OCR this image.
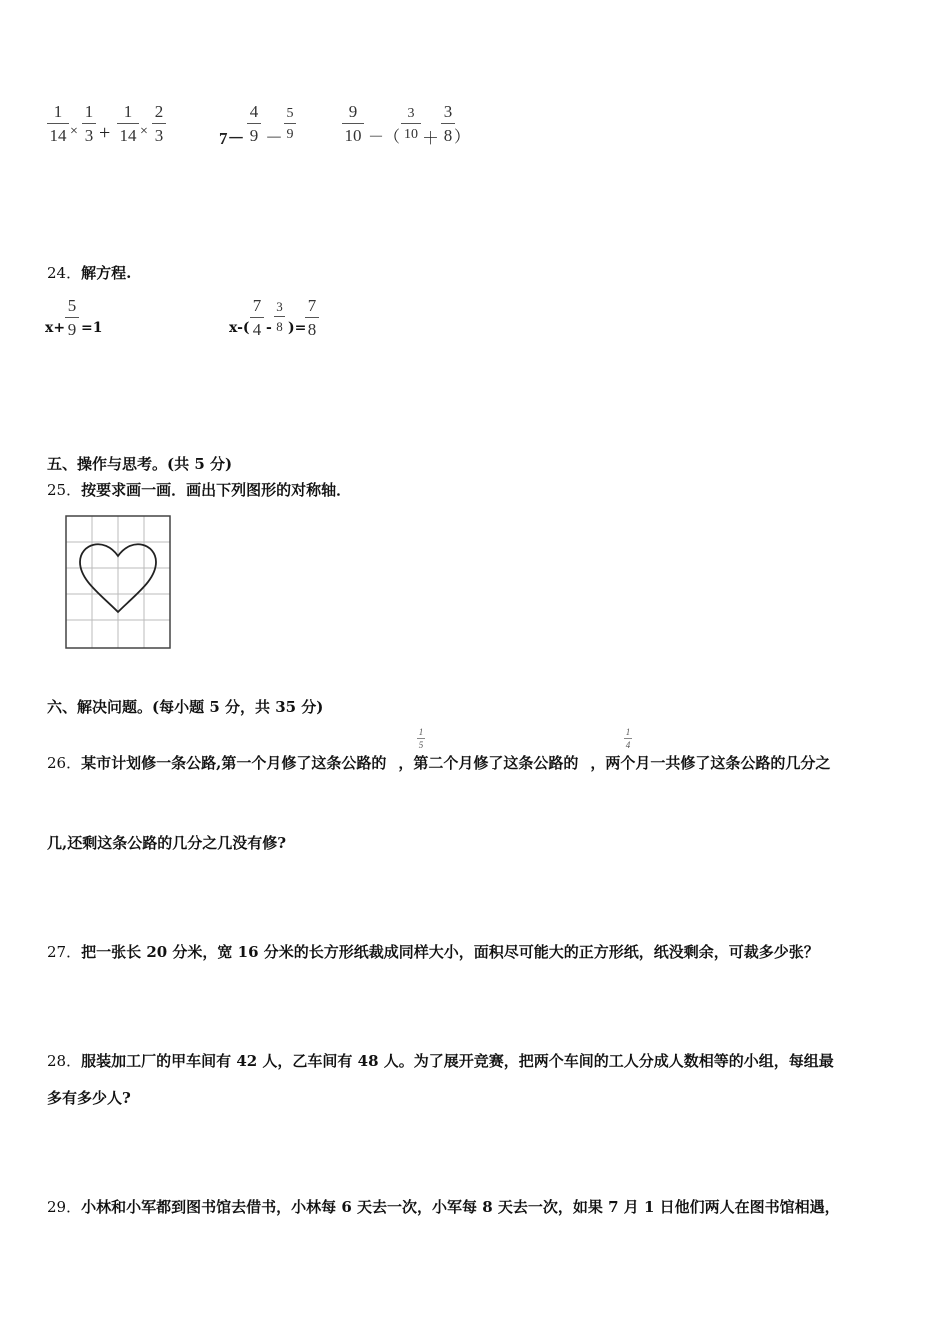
1
14 ×
1
3 +
1
14 ×
2
3	7－
4
9 －
5
9
9
10 －（
3
10 ＋
3
8 ）
24．解方程.
x+
5
9 =1	x-(
7
4 -
3
8 )=
7
8
五、操作与思考。(共 5 分)
25．按要求画一画．画出下列图形的对称轴．
六、解决问题。(每小题 5 分，共 35 分)
26．某市计划修一条公路,第一个月修了这条公路的 ，第二个月修了这条公路的 ，两个月一共修了这条公路的几分之
1
5
1
4
几,还剩这条公路的几分之几没有修?
27．把一张长 20 分米，宽 16 分米的长方形纸裁成同样大小，面积尽可能大的正方形纸，纸没剩余，可裁多少张？
28．服装加工厂的甲车间有 42 人，乙车间有 48 人。为了展开竞赛，把两个车间的工人分成人数相等的小组，每组最
多有多少人?
29．小林和小军都到图书馆去借书，小林每 6 天去一次，小军每 8 天去一次，如果 7 月 1 日他们两人在图书馆相遇，
